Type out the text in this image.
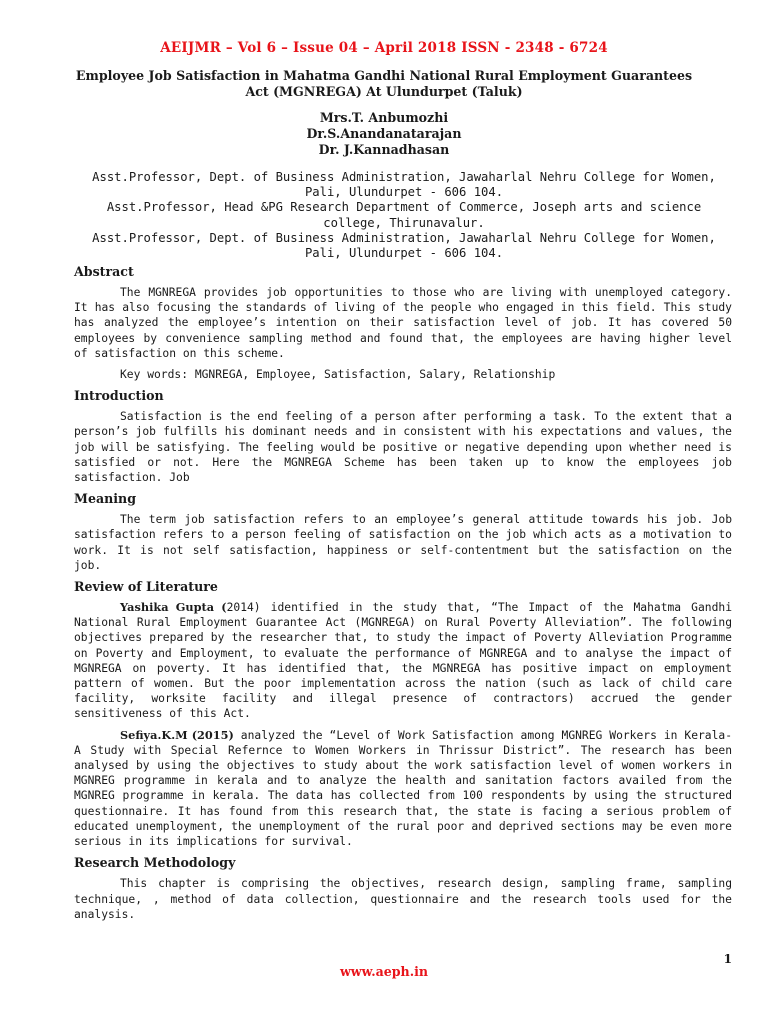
AEIJMR – Vol 6 – Issue 04 – April 2018 ISSN - 2348 - 6724
Employee Job Satisfaction in Mahatma Gandhi National Rural Employment Guarantees Act (MGNREGA) At Ulundurpet (Taluk)
Mrs.T. Anbumozhi
Dr.S.Anandanatarajan
Dr. J.Kannadhasan
Asst.Professor, Dept. of Business Administration, Jawaharlal Nehru College for Women, Pali, Ulundurpet - 606 104.
Asst.Professor, Head &PG Research Department of Commerce, Joseph arts and science college, Thirunavalur.
Asst.Professor, Dept. of Business Administration, Jawaharlal Nehru College for Women, Pali, Ulundurpet - 606 104.
Abstract

The MGNREGA provides job opportunities to those who are living with unemployed category. It has also focusing the standards of living of the people who engaged in this field. This study has analyzed the employee’s intention on their satisfaction level of job. It has covered 50 employees by convenience sampling method and found that, the employees are having higher level of satisfaction on this scheme.

Key words: MGNREGA, Employee, Satisfaction, Salary, Relationship

Introduction

Satisfaction is the end feeling of a person after performing a task. To the extent that a person’s job fulfills his dominant needs and in consistent with his expectations and values, the job will be satisfying. The feeling would be positive or negative depending upon whether need is satisfied or not. Here the MGNREGA Scheme has been taken up to know the employees job satisfaction. Job

Meaning

The term job satisfaction refers to an employee’s general attitude towards his job. Job satisfaction refers to a person feeling of satisfaction on the job which acts as a motivation to work. It is not self satisfaction, happiness or self-contentment but the satisfaction on the job.

Review of Literature

Yashika Gupta (2014) identified in the study that, “The Impact of the Mahatma Gandhi National Rural Employment Guarantee Act (MGNREGA) on Rural Poverty Alleviation”. The following objectives prepared by the researcher that, to study the impact of Poverty Alleviation Programme on Poverty and Employment, to evaluate the performance of MGNREGA and to analyse the impact of MGNREGA on poverty. It has identified that, the MGNREGA has positive impact on employment pattern of women. But the poor implementation across the nation (such as lack of child care facility, worksite facility and illegal presence of contractors) accrued the gender sensitiveness of this Act.

Sefiya.K.M (2015) analyzed the “Level of Work Satisfaction among MGNREG Workers in Kerala-A Study with Special Refernce to Women Workers in Thrissur District”. The research has been analysed by using the objectives to study about the work satisfaction level of women workers in MGNREG programme in kerala and to analyze the health and sanitation factors availed from the MGNREG programme in kerala. The data has collected from 100 respondents by using the structured questionnaire. It has found from this research that, the state is facing a serious problem of educated unemployment, the unemployment of the rural poor and deprived sections may be even more serious in its implications for survival.

Research Methodology

This chapter is comprising the objectives, research design, sampling frame, sampling technique, , method of data collection, questionnaire and the research tools used for the analysis.

1
www.aeph.in
